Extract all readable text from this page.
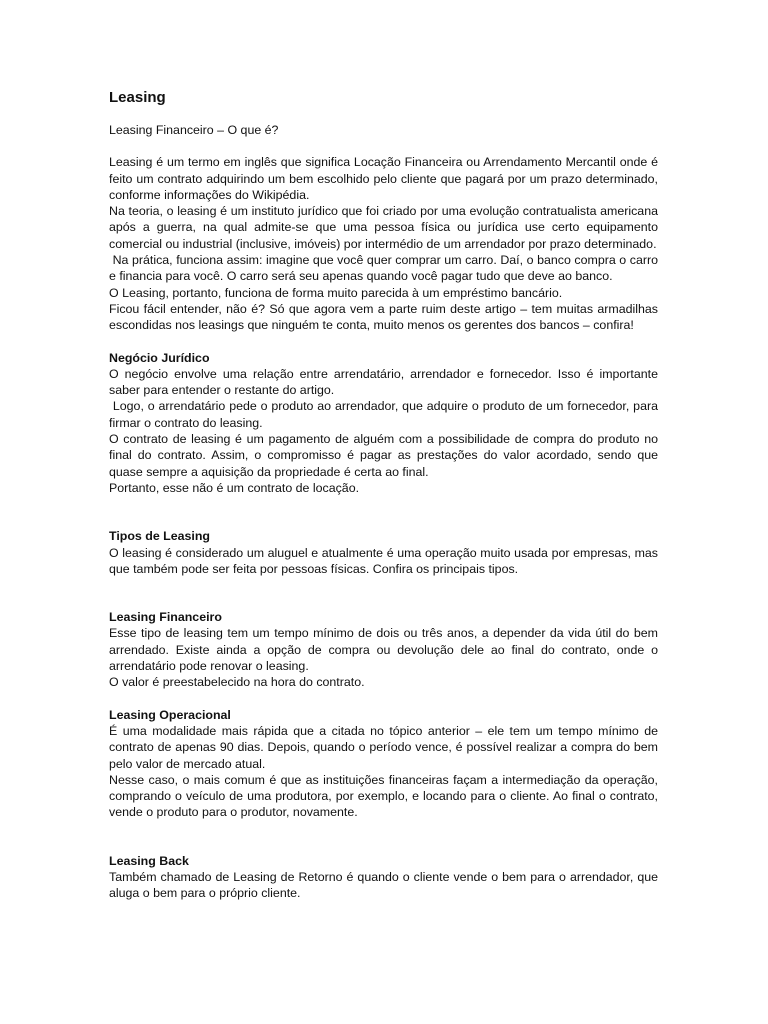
Leasing

Leasing Financeiro – O que é?

Leasing é um termo em inglês que significa Locação Financeira ou Arrendamento Mercantil onde é feito um contrato adquirindo um bem escolhido pelo cliente que pagará por um prazo determinado, conforme informações do Wikipédia.

Na teoria, o leasing é um instituto jurídico que foi criado por uma evolução contratualista americana após a guerra, na qual admite-se que uma pessoa física ou jurídica use certo equipamento comercial ou industrial (inclusive, imóveis) por intermédio de um arrendador por prazo determinado.

Na prática, funciona assim: imagine que você quer comprar um carro. Daí, o banco compra o carro e financia para você. O carro será seu apenas quando você pagar tudo que deve ao banco.

O Leasing, portanto, funciona de forma muito parecida à um empréstimo bancário.

Ficou fácil entender, não é? Só que agora vem a parte ruim deste artigo – tem muitas armadilhas escondidas nos leasings que ninguém te conta, muito menos os gerentes dos bancos – confira!

Negócio Jurídico

O negócio envolve uma relação entre arrendatário, arrendador e fornecedor. Isso é importante saber para entender o restante do artigo.

Logo, o arrendatário pede o produto ao arrendador, que adquire o produto de um fornecedor, para firmar o contrato do leasing.

O contrato de leasing é um pagamento de alguém com a possibilidade de compra do produto no final do contrato. Assim, o compromisso é pagar as prestações do valor acordado, sendo que quase sempre a aquisição da propriedade é certa ao final.

Portanto, esse não é um contrato de locação.

Tipos de Leasing

O leasing é considerado um aluguel e atualmente é uma operação muito usada por empresas, mas que também pode ser feita por pessoas físicas. Confira os principais tipos.

Leasing Financeiro

Esse tipo de leasing tem um tempo mínimo de dois ou três anos, a depender da vida útil do bem arrendado. Existe ainda a opção de compra ou devolução dele ao final do contrato, onde o arrendatário pode renovar o leasing.

O valor é preestabelecido na hora do contrato.

Leasing Operacional

É uma modalidade mais rápida que a citada no tópico anterior – ele tem um tempo mínimo de contrato de apenas 90 dias. Depois, quando o período vence, é possível realizar a compra do bem pelo valor de mercado atual.

Nesse caso, o mais comum é que as instituições financeiras façam a intermediação da operação, comprando o veículo de uma produtora, por exemplo, e locando para o cliente. Ao final o contrato, vende o produto para o produtor, novamente.

Leasing Back

Também chamado de Leasing de Retorno é quando o cliente vende o bem para o arrendador, que aluga o bem para o próprio cliente.
